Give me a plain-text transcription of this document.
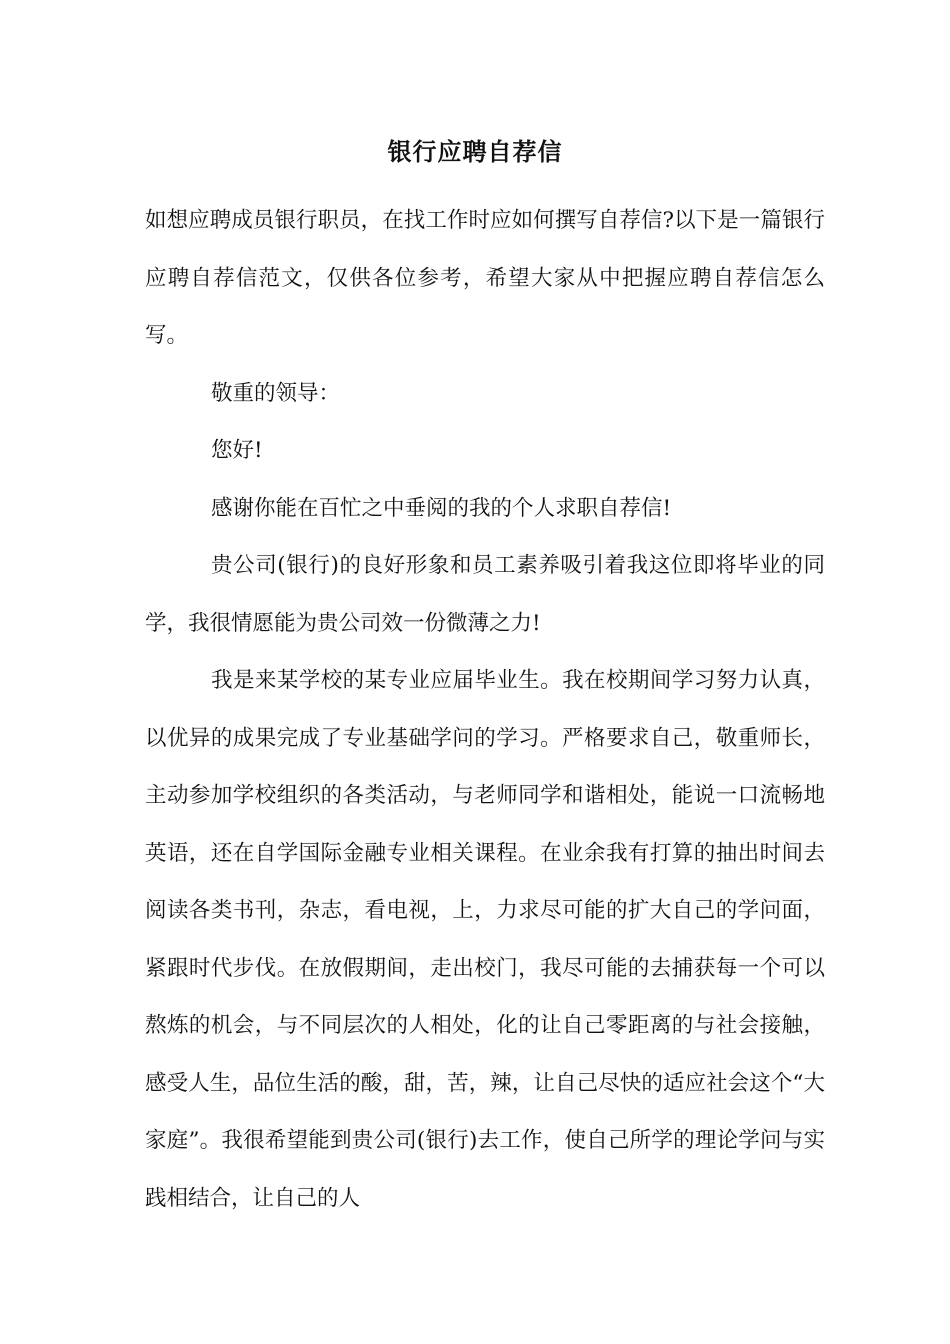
银行应聘自荐信

如想应聘成员银行职员，在找工作时应如何撰写自荐信?以下是一篇银行应聘自荐信范文，仅供各位参考，希望大家从中把握应聘自荐信怎么写。

敬重的领导：

您好!

感谢你能在百忙之中垂阅的我的个人求职自荐信!

贵公司(银行)的良好形象和员工素养吸引着我这位即将毕业的同学，我很情愿能为贵公司效一份微薄之力!

我是来某学校的某专业应届毕业生。我在校期间学习努力认真，以优异的成果完成了专业基础学问的学习。严格要求自己，敬重师长，主动参加学校组织的各类活动，与老师同学和谐相处，能说一口流畅地英语，还在自学国际金融专业相关课程。在业余我有打算的抽出时间去阅读各类书刊，杂志，看电视，上，力求尽可能的扩大自己的学问面，紧跟时代步伐。在放假期间，走出校门，我尽可能的去捕获每一个可以熬炼的机会，与不同层次的人相处，化的让自己零距离的与社会接触，感受人生，品位生活的酸，甜，苦，辣，让自己尽快的适应社会这个“大家庭”。我很希望能到贵公司(银行)去工作，使自己所学的理论学问与实践相结合，让自己的人
